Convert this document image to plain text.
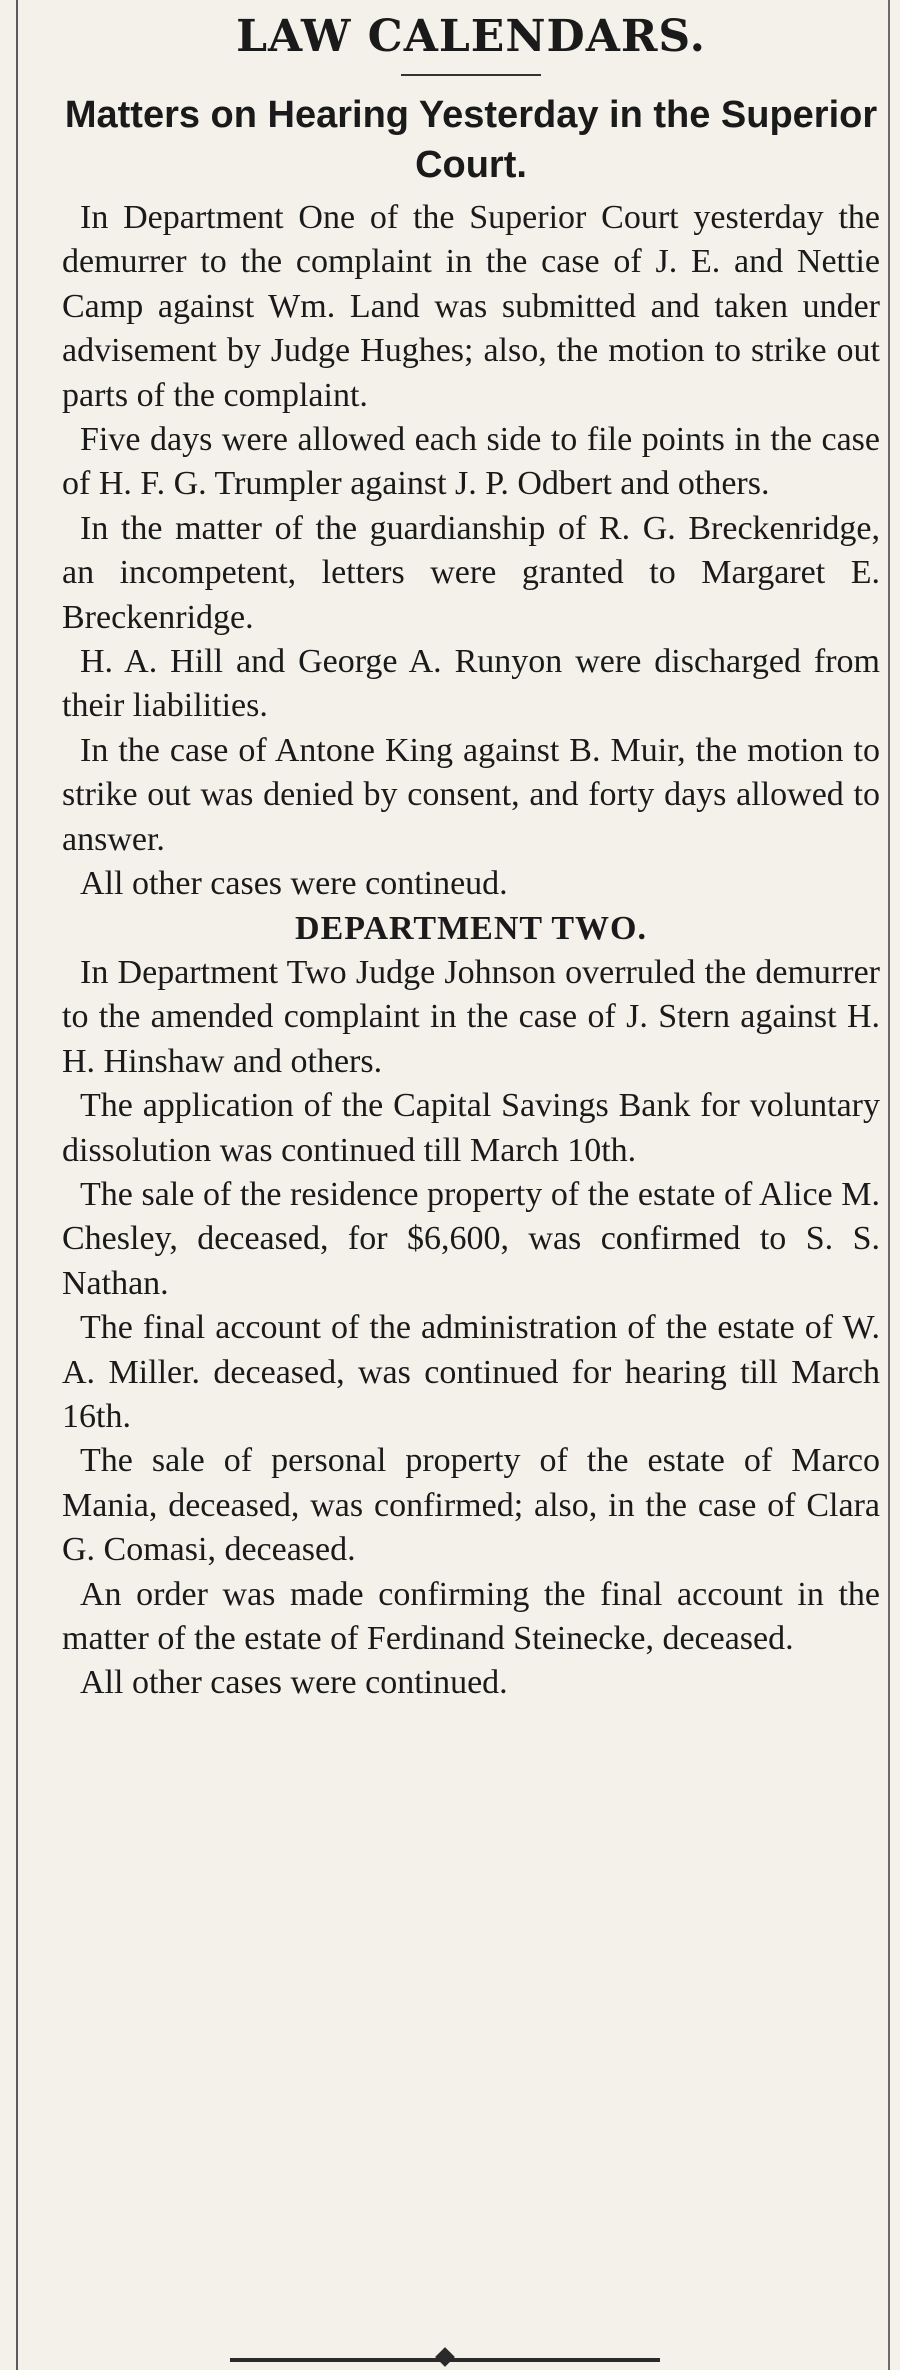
LAW CALENDARS.
Matters on Hearing Yesterday in the Superior Court.

In Department One of the Superior Court yesterday the demurrer to the complaint in the case of J. E. and Nettie Camp against Wm. Land was submitted and taken under advisement by Judge Hughes; also, the motion to strike out parts of the complaint.

Five days were allowed each side to file points in the case of H. F. G. Trumpler against J. P. Odbert and others.

In the matter of the guardianship of R. G. Breckenridge, an incompetent, letters were granted to Margaret E. Breckenridge.

H. A. Hill and George A. Runyon were discharged from their liabilities.

In the case of Antone King against B. Muir, the motion to strike out was denied by consent, and forty days allowed to answer.

All other cases were contineud.

DEPARTMENT TWO.

In Department Two Judge Johnson overruled the demurrer to the amended complaint in the case of J. Stern against H. H. Hinshaw and others.

The application of the Capital Savings Bank for voluntary dissolution was continued till March 10th.

The sale of the residence property of the estate of Alice M. Chesley, deceased, for $6,600, was confirmed to S. S. Nathan.

The final account of the administration of the estate of W. A. Miller. deceased, was continued for hearing till March 16th.

The sale of personal property of the estate of Marco Mania, deceased, was confirmed; also, in the case of Clara G. Comasi, deceased.

An order was made confirming the final account in the matter of the estate of Ferdinand Steinecke, deceased.

All other cases were continued.
